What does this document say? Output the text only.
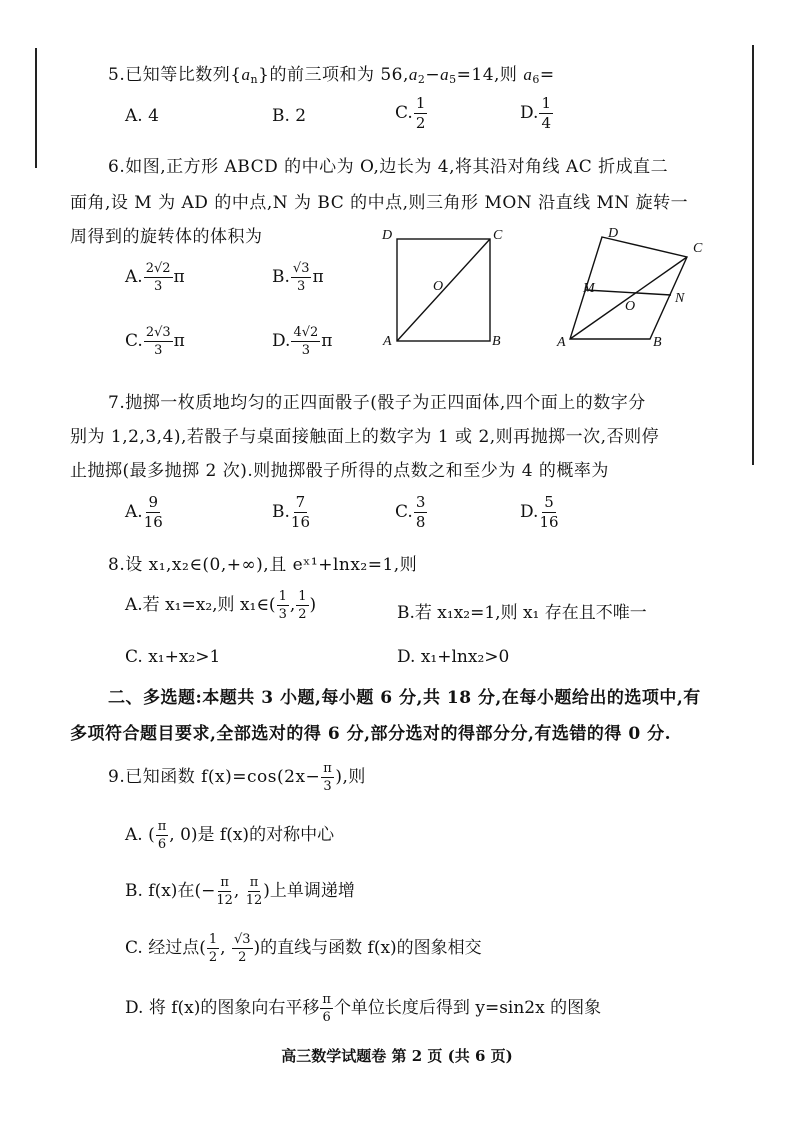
5.已知等比数列$\{a_n\}$的前三项和为 $56,a_2-a_5=14$,则 $a_6=$
A. 4	B. 2	C. $\frac{1}{2}$	D. $\frac{1}{4}$
6.如图,正方形 ABCD 的中心为 O,边长为 4,将其沿对角线 AC 折成直二
面角,设 M 为 AD 的中点,N 为 BC 的中点,则三角形 MON 沿直线 MN 旋转一
周得到的旋转体的体积为
A. $\frac{2√2}{3}$ π	B. $\frac{√3}{3}$ π
C. $\frac{2√3}{3}$ π	D. $\frac{4√2}{3}$ π
D	C
A	B
O
D
C
M
N
O
A	B
7.抛掷一枚质地均匀的正四面骰子(骰子为正四面体,四个面上的数字分
别为 1,2,3,4),若骰子与桌面接触面上的数字为 1 或 2,则再抛掷一次,否则停
止抛掷(最多抛掷 2 次).则抛掷骰子所得的点数之和至少为 4 的概率为
A. $\frac{9}{16}$	B. $\frac{7}{16}$	C. $\frac{3}{8}$	D. $\frac{5}{16}$
8.设 x₁,x₂∈(0,+∞),且 eˣ¹+lnx₂=1,则
A.若 x₁=x₂,则 x₁∈( $\frac{1}{3}$ , $\frac{1}{2}$ )	B.若 x₁x₂=1,则 x₁ 存在且不唯一
C. x₁+x₂>1	D. x₁+lnx₂>0
二、多选题:本题共 3 小题,每小题 6 分,共 18 分,在每小题给出的选项中,有
多项符合题目要求,全部选对的得 6 分,部分选对的得部分分,有选错的得 0 分.
9.已知函数 $f(x)=\cos(2x- \frac{\pi}{3}$ ),则
A. ( $\frac{\pi}{6}$ , 0)是 f(x)的对称中心
B. f(x)在(− $\frac{\pi}{12}$ , $\frac{\pi}{12}$ )上单调递增
C. 经过点( $\frac{1}{2}$ , $\frac{√3}{2}$ )的直线与函数 f(x)的图象相交
D. 将 f(x)的图象向右平移 $\frac{\pi}{6}$ 个单位长度后得到 y=sin2x 的图象
高三数学试题卷 第 2 页 (共 6 页)
